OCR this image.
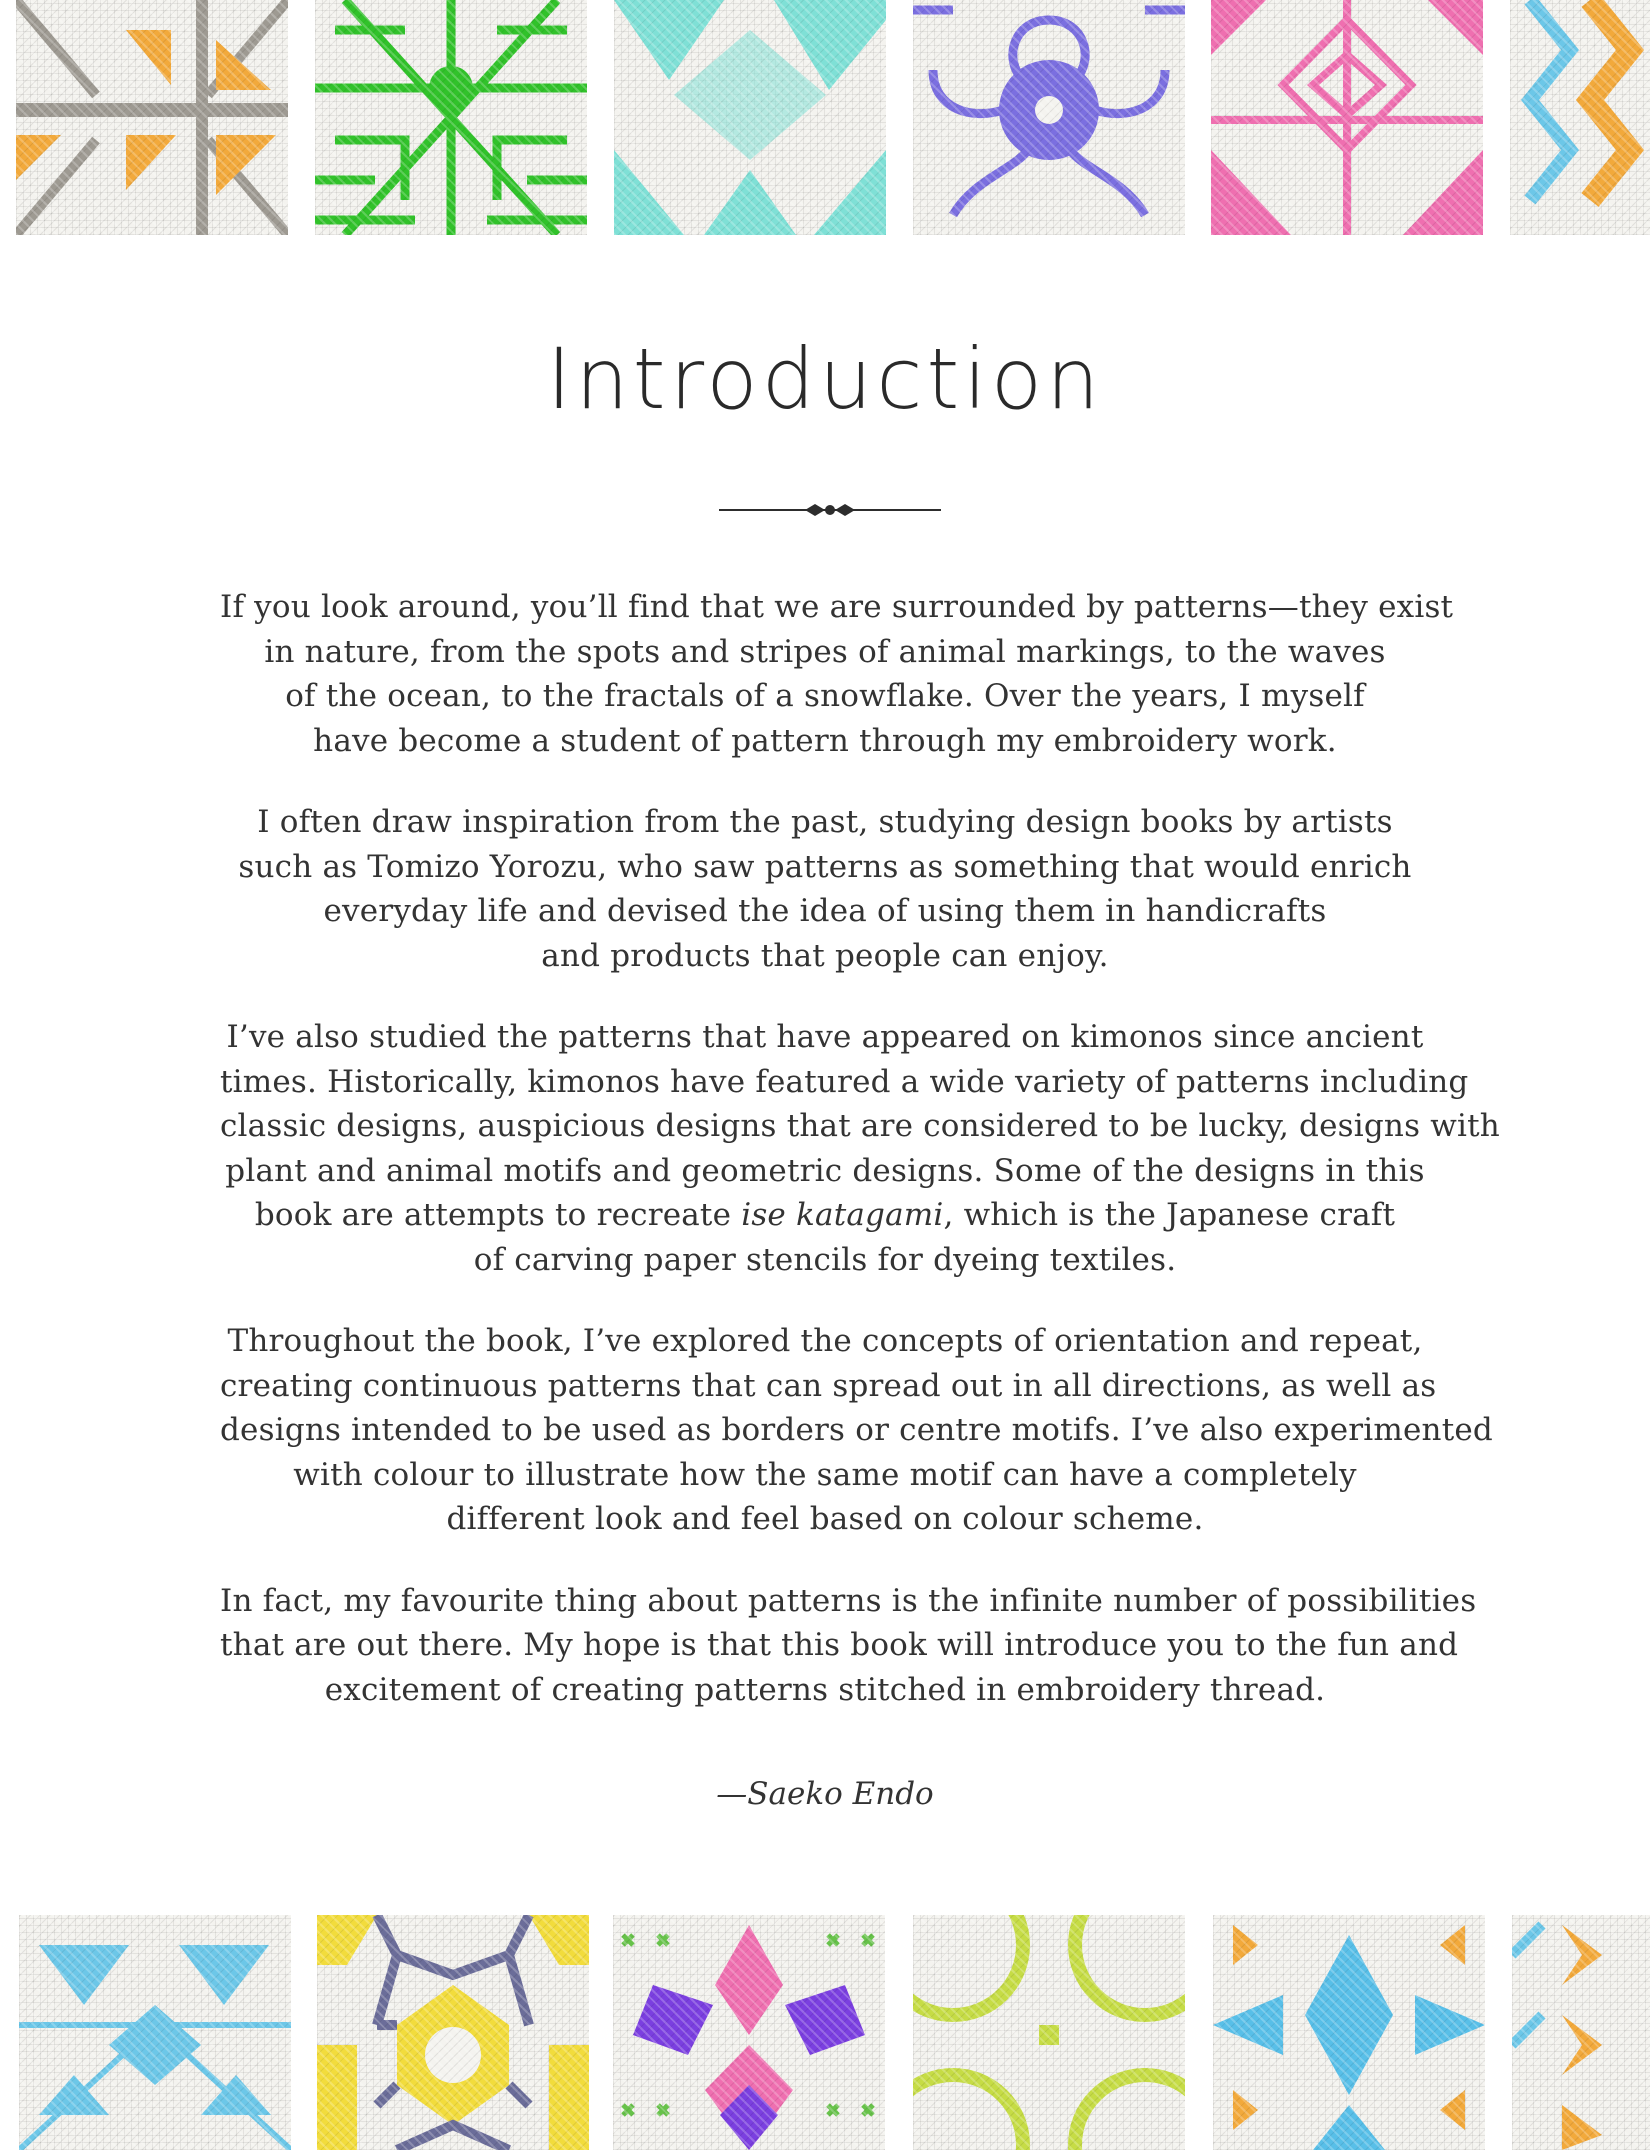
Introduction

If you look around, you’ll find that we are surrounded by patterns—they exist
in nature, from the spots and stripes of animal markings, to the waves
of the ocean, to the fractals of a snowflake. Over the years, I myself
have become a student of pattern through my embroidery work.

I often draw inspiration from the past, studying design books by artists
such as Tomizo Yorozu, who saw patterns as something that would enrich
everyday life and devised the idea of using them in handicrafts
and products that people can enjoy.

I’ve also studied the patterns that have appeared on kimonos since ancient
times. Historically, kimonos have featured a wide variety of patterns including
classic designs, auspicious designs that are considered to be lucky, designs with
plant and animal motifs and geometric designs. Some of the designs in this
book are attempts to recreate ise katagami, which is the Japanese craft
of carving paper stencils for dyeing textiles.

Throughout the book, I’ve explored the concepts of orientation and repeat,
creating continuous patterns that can spread out in all directions, as well as
designs intended to be used as borders or centre motifs. I’ve also experimented
with colour to illustrate how the same motif can have a completely
different look and feel based on colour scheme.

In fact, my favourite thing about patterns is the infinite number of possibilities
that are out there. My hope is that this book will introduce you to the fun and
excitement of creating patterns stitched in embroidery thread.

—Saeko Endo
